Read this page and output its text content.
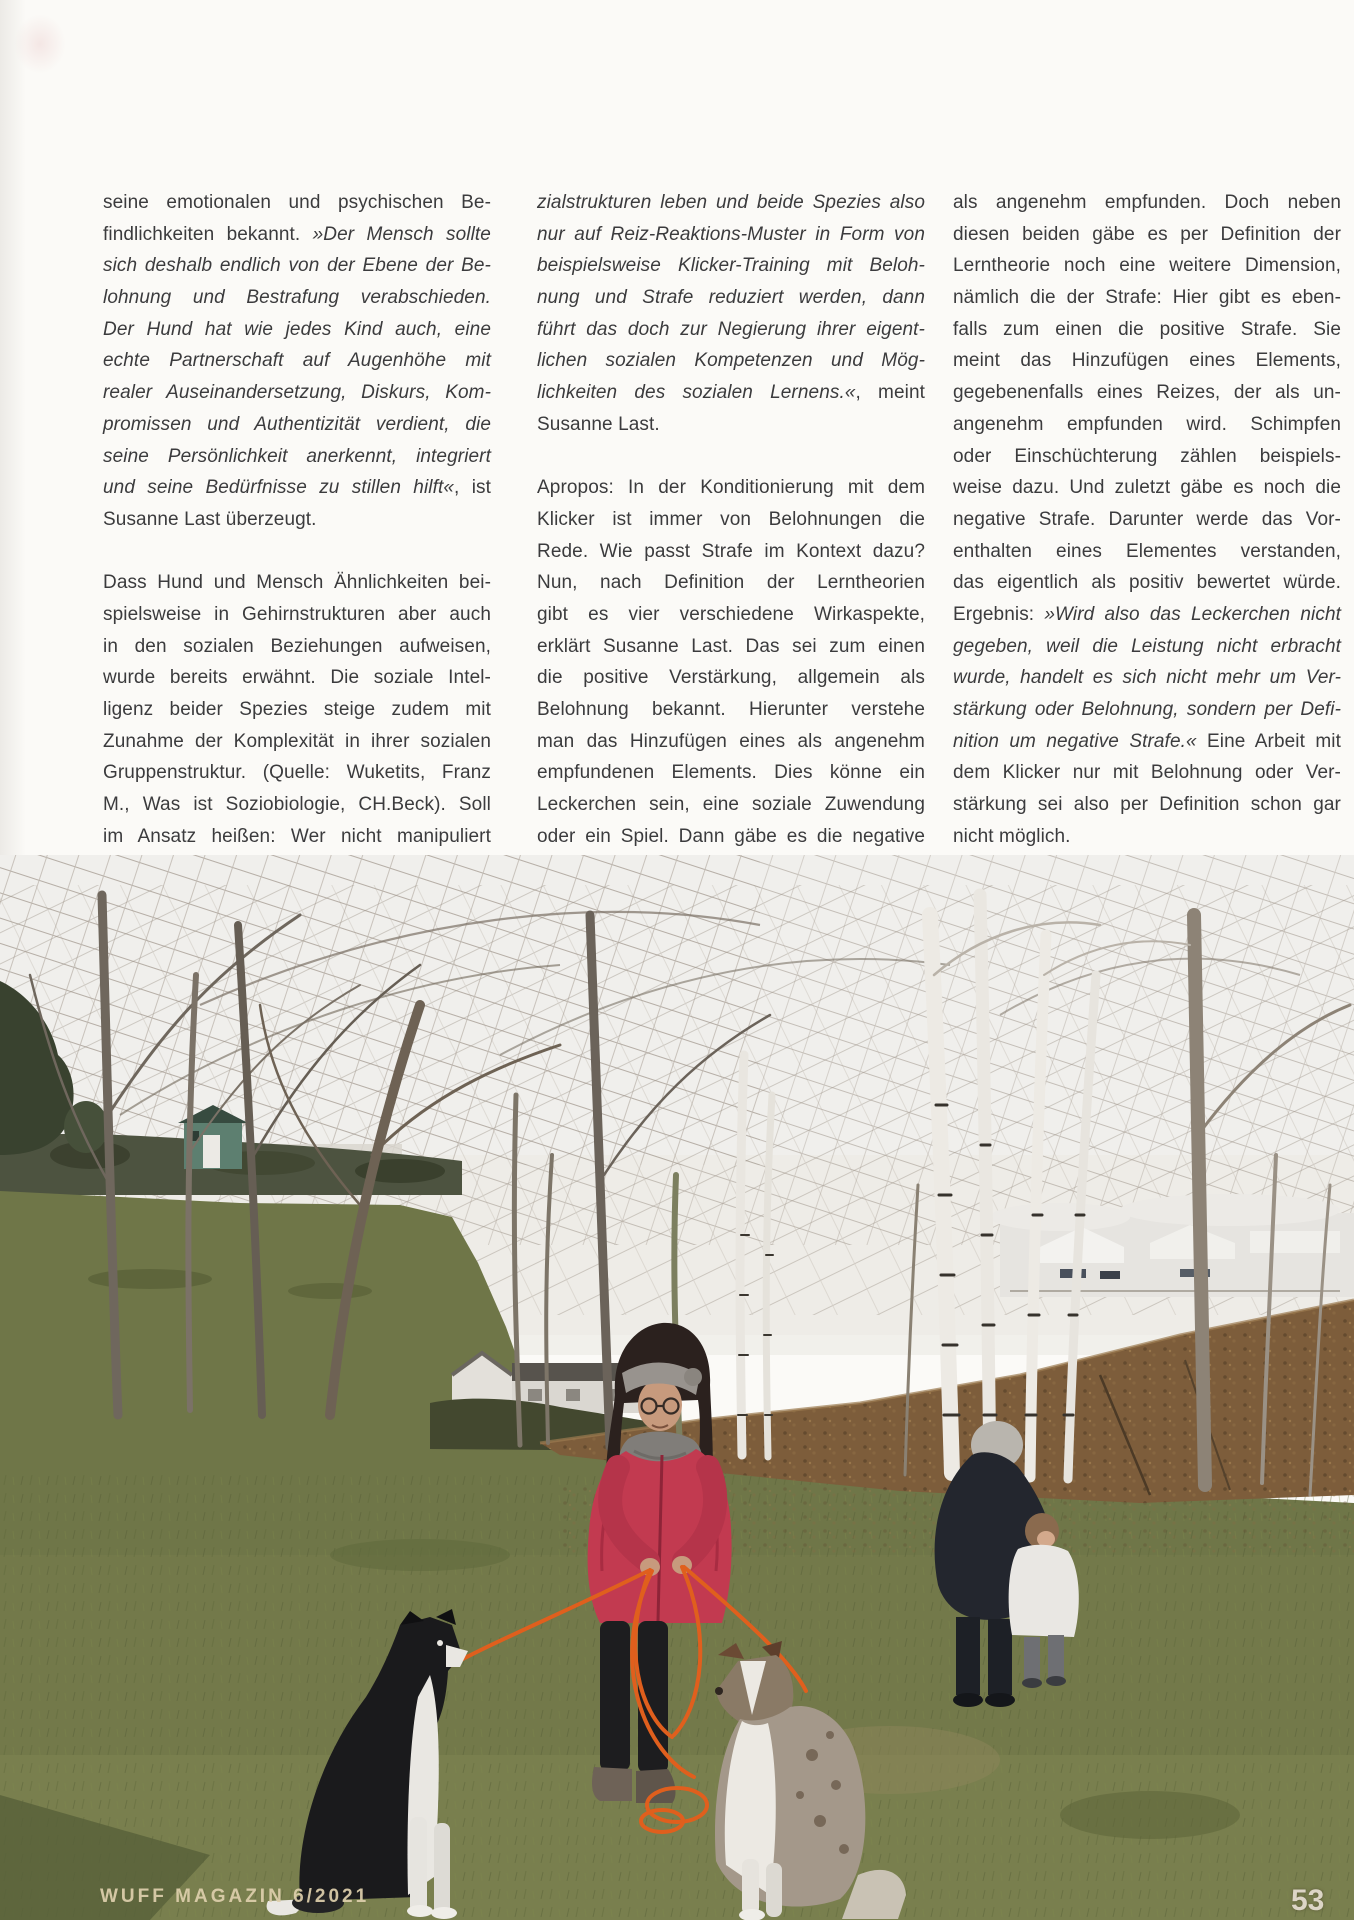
seine emotionalen und psychischen Be-
findlichkeiten bekannt. »Der Mensch sollte
sich deshalb endlich von der Ebene der Be-
lohnung und Bestrafung verabschieden.
Der Hund hat wie jedes Kind auch, eine
echte Partnerschaft auf Augenhöhe mit
realer Auseinandersetzung, Diskurs, Kom-
promissen und Authentizität verdient, die
seine Persönlichkeit anerkennt, integriert
und seine Bedürfnisse zu stillen hilft«, ist
Susanne Last überzeugt.
Dass Hund und Mensch Ähnlichkeiten bei-
spielsweise in Gehirnstrukturen aber auch
in den sozialen Beziehungen aufweisen,
wurde bereits erwähnt. Die soziale Intel-
ligenz beider Spezies steige zudem mit
Zunahme der Komplexität in ihrer sozialen
Gruppenstruktur. (Quelle: Wuketits, Franz
M., Was ist Soziobiologie, CH.Beck). Soll
im Ansatz heißen: Wer nicht manipuliert
zialstrukturen leben und beide Spezies also
nur auf Reiz-Reaktions-Muster in Form von
beispielsweise Klicker-Training mit Beloh-
nung und Strafe reduziert werden, dann
führt das doch zur Negierung ihrer eigent-
lichen sozialen Kompetenzen und Mög-
lichkeiten des sozialen Lernens.«, meint
Susanne Last.
Apropos: In der Konditionierung mit dem
Klicker ist immer von Belohnungen die
Rede. Wie passt Strafe im Kontext dazu?
Nun, nach Definition der Lerntheorien
gibt es vier verschiedene Wirkaspekte,
erklärt Susanne Last. Das sei zum einen
die positive Verstärkung, allgemein als
Belohnung bekannt. Hierunter verstehe
man das Hinzufügen eines als angenehm
empfundenen Elements. Dies könne ein
Leckerchen sein, eine soziale Zuwendung
oder ein Spiel. Dann gäbe es die negative
als angenehm empfunden. Doch neben
diesen beiden gäbe es per Definition der
Lerntheorie noch eine weitere Dimension,
nämlich die der Strafe: Hier gibt es eben-
falls zum einen die positive Strafe. Sie
meint das Hinzufügen eines Elements,
gegebenenfalls eines Reizes, der als un-
angenehm empfunden wird. Schimpfen
oder Einschüchterung zählen beispiels-
weise dazu. Und zuletzt gäbe es noch die
negative Strafe. Darunter werde das Vor-
enthalten eines Elementes verstanden,
das eigentlich als positiv bewertet würde.
Ergebnis: »Wird also das Leckerchen nicht
gegeben, weil die Leistung nicht erbracht
wurde, handelt es sich nicht mehr um Ver-
stärkung oder Belohnung, sondern per Defi-
nition um negative Strafe.« Eine Arbeit mit
dem Klicker nur mit Belohnung oder Ver-
stärkung sei also per Definition schon gar
nicht möglich.
WUFF MAGAZIN 6/2021	53
